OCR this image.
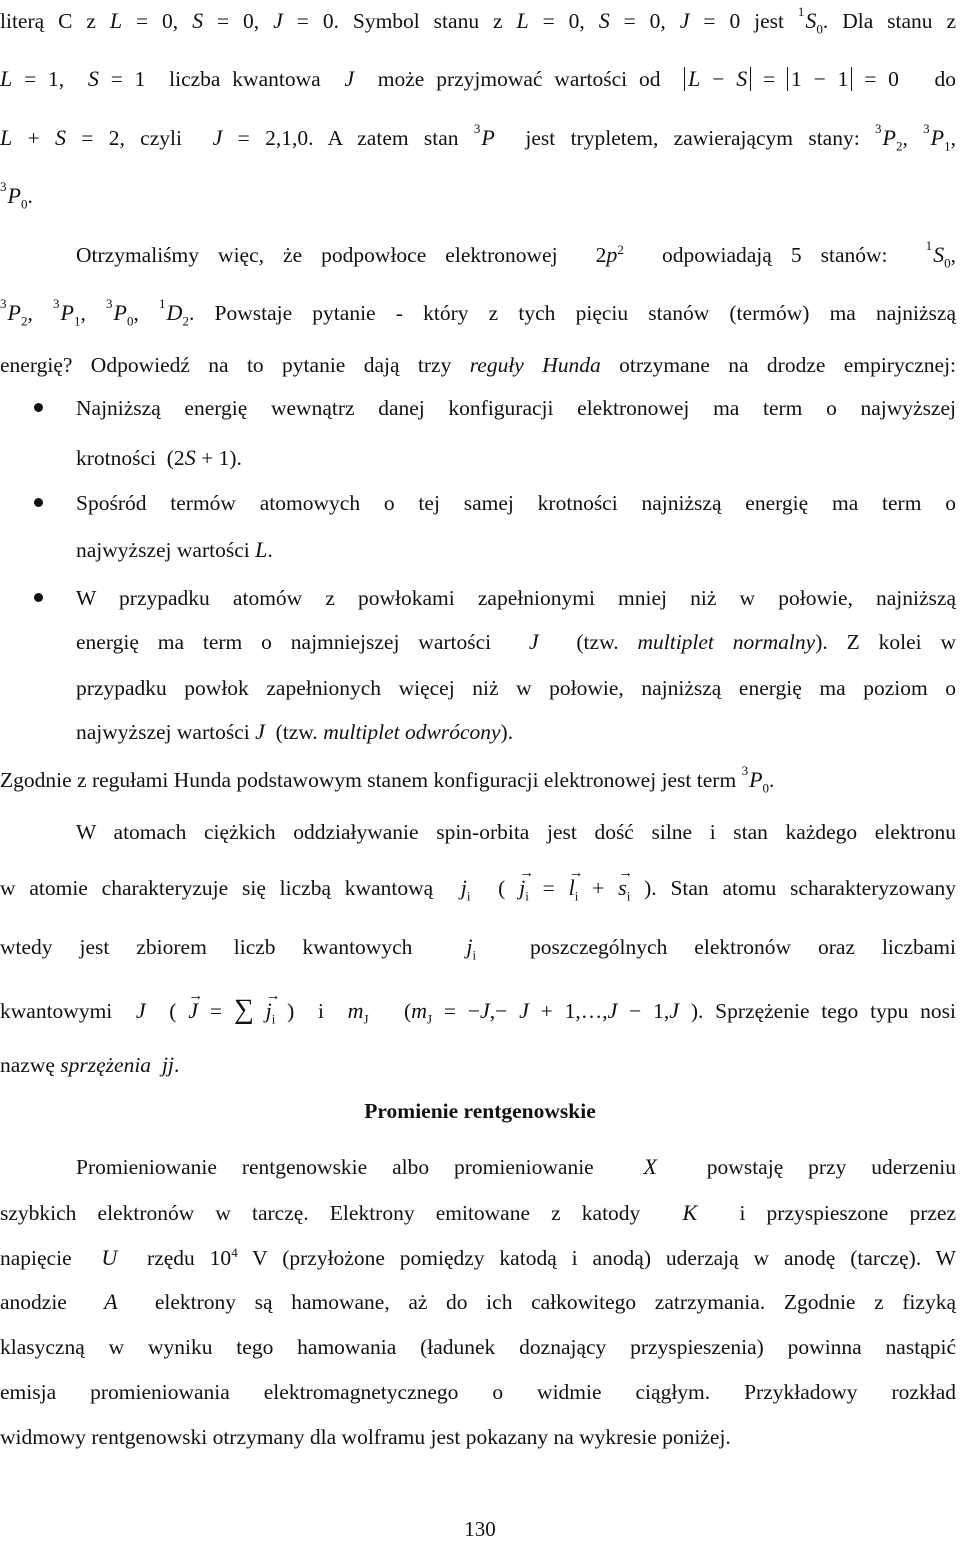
literą C z L = 0, S = 0, J = 0. Symbol stanu z L = 0, S = 0, J = 0 jest $^1S_0$. Dla stanu z
L = 1,  S = 1  liczba kwantowa  J  może przyjmować wartości od  L − S = 1 − 1 = 0   do
L + S = 2, czyli  J = 2,1,0. A zatem stan $^3$P  jest trypletem, zawierającym stany: $^3P_2$, $^3P_1$,
$^3P_0$.
Otrzymaliśmy więc, że podpowłoce elektronowej  $2p^2$  odpowiadają 5 stanów:  $^1S_0$,
$^3P_2$, $^3P_1$, $^3P_0$, $^1D_2$. Powstaje pytanie - który z tych pięciu stanów (termów) ma najniższą
energię? Odpowiedź na to pytanie dają trzy reguły Hunda otrzymane na drodze empirycznej:
Najniższą energię wewnątrz danej konfiguracji elektronowej ma term o najwyższej
krotności  (2S + 1).
Spośród termów atomowych o tej samej krotności najniższą energię ma term o
najwyższej wartości L.
W przypadku atomów z powłokami zapełnionymi mniej niż w połowie, najniższą
energię ma term o najmniejszej wartości  J  (tzw. multiplet normalny). Z kolei w
przypadku powłok zapełnionych więcej niż w połowie, najniższą energię ma poziom o
najwyższej wartości J  (tzw. multiplet odwrócony).
Zgodnie z regułami Hunda podstawowym stanem konfiguracji elektronowej jest term $^3P_0$.
W atomach ciężkich oddziaływanie spin-orbita jest dość silne i stan każdego elektronu
w atomie charakteryzuje się liczbą kwantową  $j_i$  ( → $j_i$ = → $l_i$ + → $s_i$ ). Stan atomu scharakteryzowany
wtedy jest zbiorem liczb kwantowych  $j_i$  poszczególnych elektronów oraz liczbami
kwantowymi  J  ( → J = ∑ → $j_i$ )  i  $m_J$   ($m_J = -J,- J$ + 1,…,J − 1,J ). Sprzężenie tego typu nosi
nazwę sprzężenia jj.
Promienie rentgenowskie
Promieniowanie rentgenowskie albo promieniowanie  X  powstaję przy uderzeniu
szybkich elektronów w tarczę. Elektrony emitowane z katody  K  i przyspieszone przez
napięcie  U  rzędu $10^4$ V (przyłożone pomiędzy katodą i anodą) uderzają w anodę (tarczę). W
anodzie  A  elektrony są hamowane, aż do ich całkowitego zatrzymania. Zgodnie z fizyką
klasyczną w wyniku tego hamowania (ładunek doznający przyspieszenia) powinna nastąpić
emisja promieniowania elektromagnetycznego o widmie ciągłym. Przykładowy rozkład
widmowy rentgenowski otrzymany dla wolframu jest pokazany na wykresie poniżej.
130
